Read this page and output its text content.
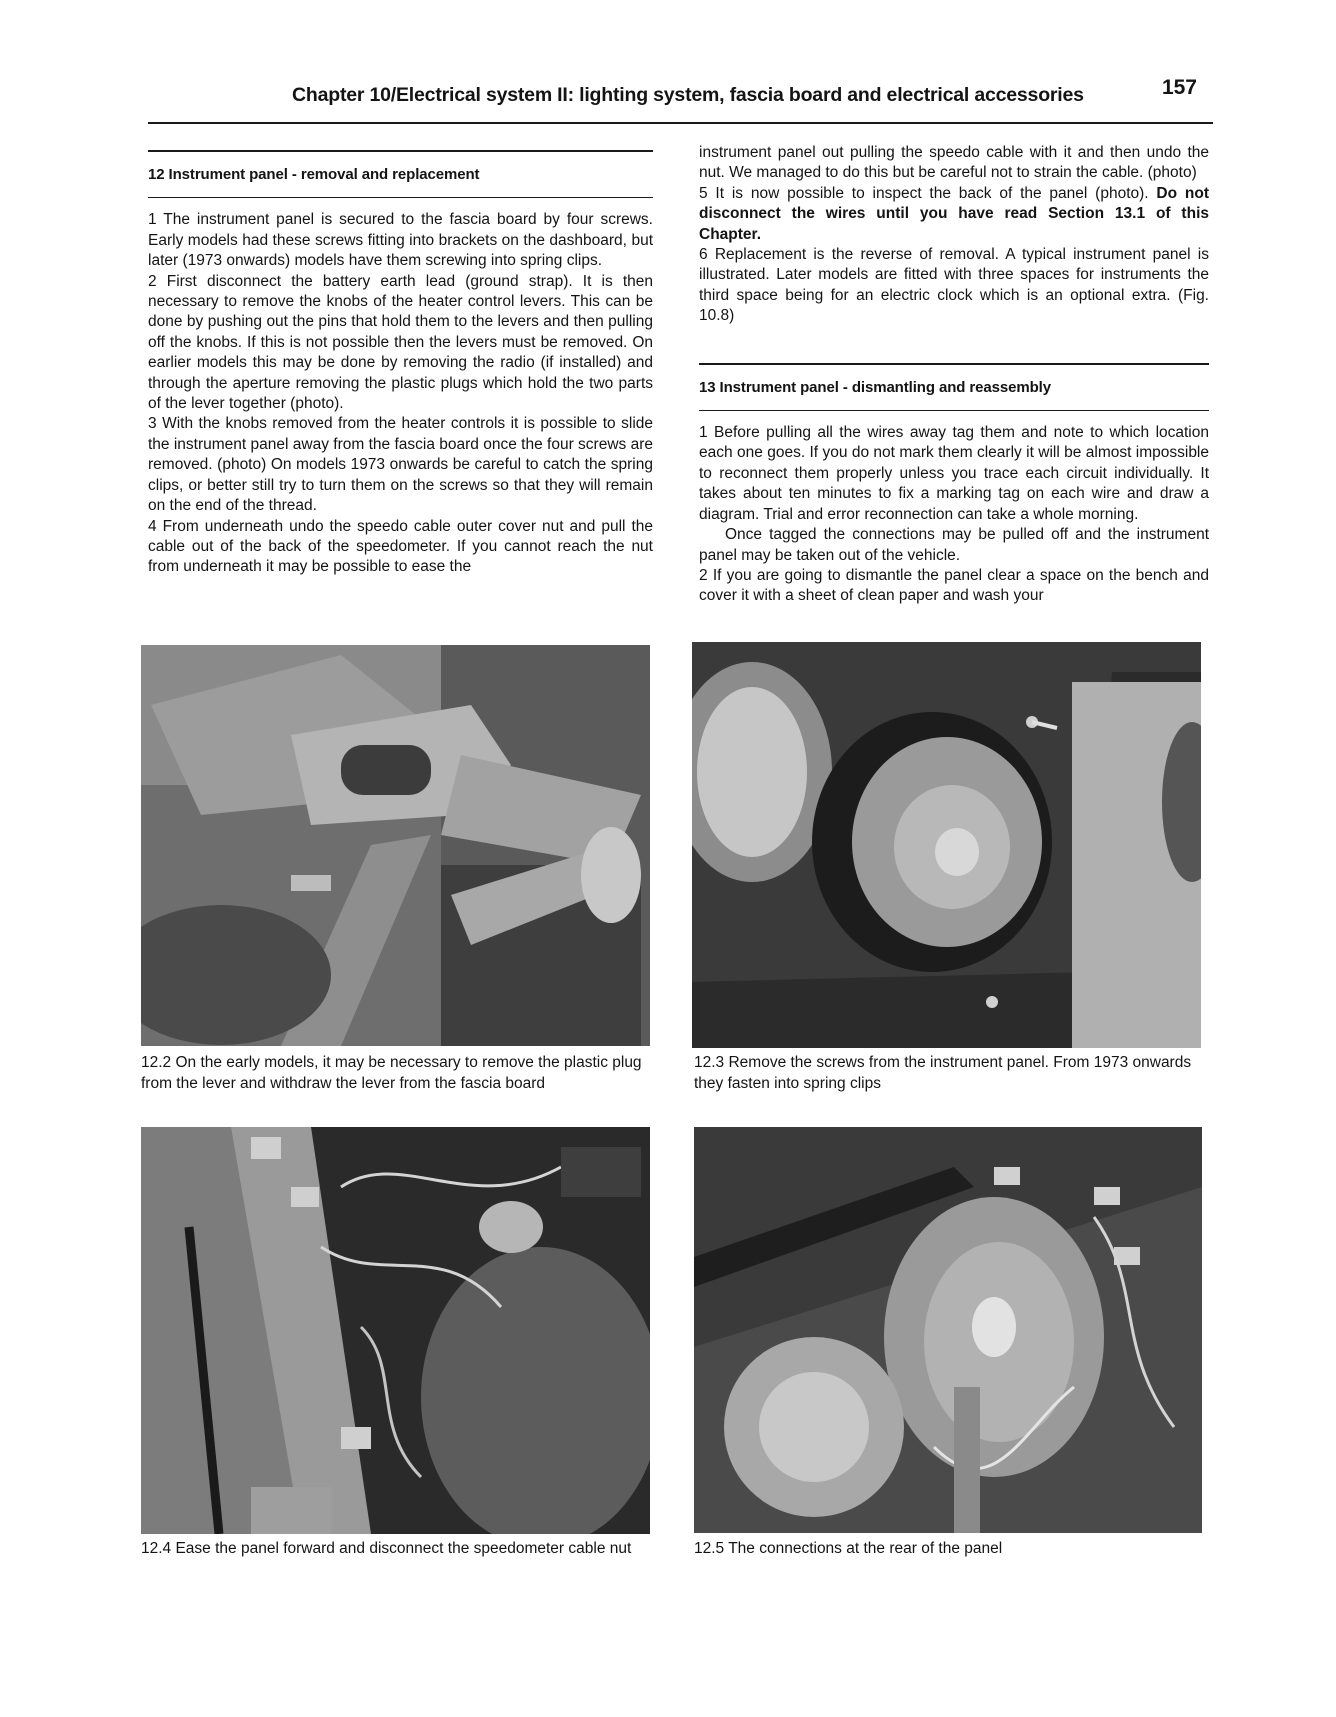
Chapter 10/Electrical system II: lighting system, fascia board and electrical accessories	157
12 Instrument panel - removal and replacement

1 The instrument panel is secured to the fascia board by four screws. Early models had these screws fitting into brackets on the dashboard, but later (1973 onwards) models have them screwing into spring clips.

2 First disconnect the battery earth lead (ground strap). It is then necessary to remove the knobs of the heater control levers. This can be done by pushing out the pins that hold them to the levers and then pulling off the knobs. If this is not possible then the levers must be removed. On earlier models this may be done by removing the radio (if installed) and through the aperture removing the plastic plugs which hold the two parts of the lever together (photo).

3 With the knobs removed from the heater controls it is possible to slide the instrument panel away from the fascia board once the four screws are removed. (photo) On models 1973 onwards be careful to catch the spring clips, or better still try to turn them on the screws so that they will remain on the end of the thread.

4 From underneath undo the speedo cable outer cover nut and pull the cable out of the back of the speedometer. If you cannot reach the nut from underneath it may be possible to ease the

instrument panel out pulling the speedo cable with it and then undo the nut. We managed to do this but be careful not to strain the cable. (photo)

5 It is now possible to inspect the back of the panel (photo). Do not disconnect the wires until you have read Section 13.1 of this Chapter.

6 Replacement is the reverse of removal. A typical instrument panel is illustrated. Later models are fitted with three spaces for instruments the third space being for an electric clock which is an optional extra. (Fig. 10.8)

13 Instrument panel - dismantling and reassembly

1 Before pulling all the wires away tag them and note to which location each one goes. If you do not mark them clearly it will be almost impossible to reconnect them properly unless you trace each circuit individually. It takes about ten minutes to fix a marking tag on each wire and draw a diagram. Trial and error reconnection can take a whole morning.

Once tagged the connections may be pulled off and the instrument panel may be taken out of the vehicle.

2 If you are going to dismantle the panel clear a space on the bench and cover it with a sheet of clean paper and wash your

12.2 On the early models, it may be necessary to remove the plastic plug from the lever and withdraw the lever from the fascia board
12.3 Remove the screws from the instrument panel. From 1973 onwards they fasten into spring clips
12.4 Ease the panel forward and disconnect the speedometer cable nut	12.5 The connections at the rear of the panel
